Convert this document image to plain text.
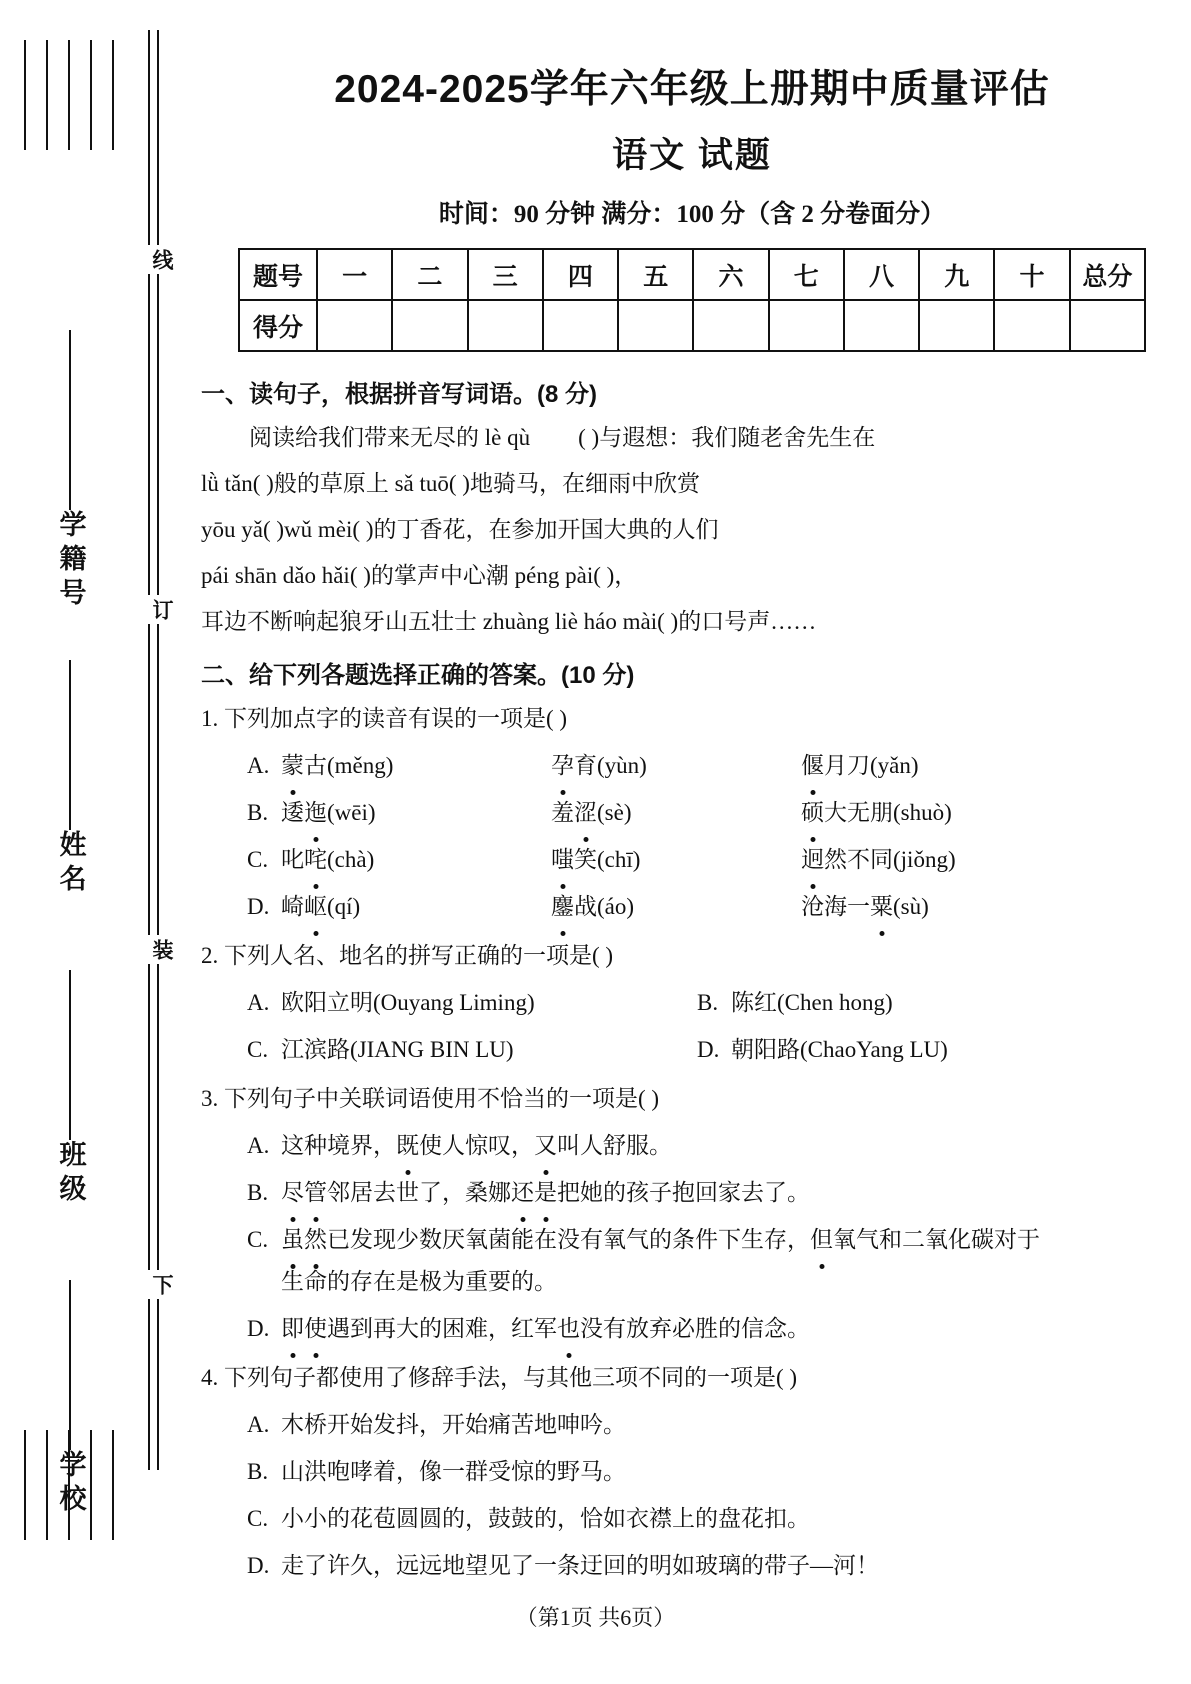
学籍号
姓名
班级
学校
线
订
装
下
2024-2025学年六年级上册期中质量评估
语文 试题
时间：90 分钟 满分：100 分（含 2 分卷面分）
题号	一	二	三	四	五	六	七	八	九	十	总分
得分											
一、读句子，根据拼音写词语。(8 分)
阅读给我们带来无尽的 lè qù ( )与遐想：我们随老舍先生在
lǜ tǎn( )般的草原上 sǎ tuō( )地骑马，在细雨中欣赏
yōu yǎ( )wǔ mèi( )的丁香花，在参加开国大典的人们
pái shān dǎo hǎi( )的掌声中心潮 péng pài( )，
耳边不断响起狼牙山五壮士 zhuàng liè háo mài( )的口号声……
二、给下列各题选择正确的答案。(10 分)
1. 下列加点字的读音有误的一项是( )
A. 蒙古(měng)	孕育(yùn)	偃月刀(yǎn)
B. 逶迤(wēi)	羞涩(sè)	硕大无朋(shuò)
C. 叱咤(chà)	嗤笑(chī)	迥然不同(jiǒng)
D. 崎岖(qí)	鏖战(áo)	沧海一粟(sù)
2. 下列人名、地名的拼写正确的一项是( )
A. 欧阳立明(Ouyang Liming)	B. 陈红(Chen hong)
C. 江滨路(JIANG BIN LU)	D. 朝阳路(ChaoYang LU)
3. 下列句子中关联词语使用不恰当的一项是( )
A. 这种境界，既使人惊叹，又叫人舒服。
B. 尽管邻居去世了，桑娜还是把她的孩子抱回家去了。
C. 虽然已发现少数厌氧菌能在没有氧气的条件下生存，但氧气和二氧化碳对于
生命的存在是极为重要的。
D. 即使遇到再大的困难，红军也没有放弃必胜的信念。
4. 下列句子都使用了修辞手法，与其他三项不同的一项是( )
A. 木桥开始发抖，开始痛苦地呻吟。
B. 山洪咆哮着，像一群受惊的野马。
C. 小小的花苞圆圆的，鼓鼓的，恰如衣襟上的盘花扣。
D. 走了许久，远远地望见了一条迂回的明如玻璃的带子—河！
（第1页 共6页）
